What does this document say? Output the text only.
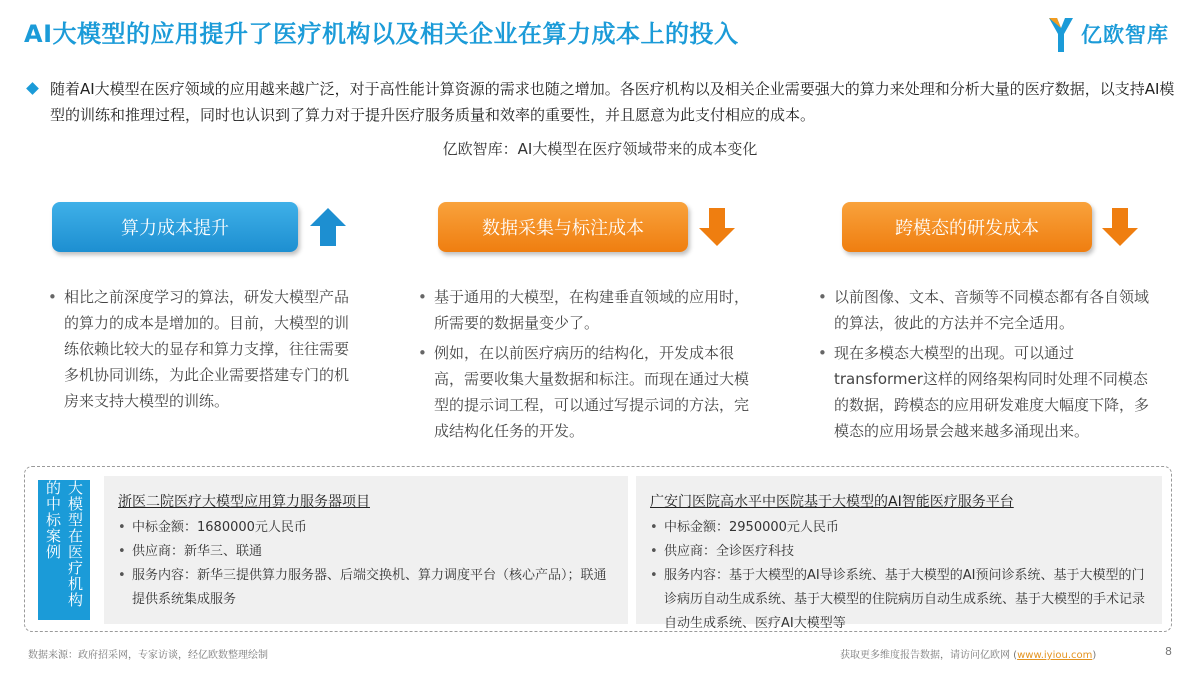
AI大模型的应用提升了医疗机构以及相关企业在算力成本上的投入	亿欧智库
随着AI大模型在医疗领域的应用越来越广泛，对于高性能计算资源的需求也随之增加。各医疗机构以及相关企业需要强大的算力来处理和分析大量的医疗数据，以支持AI模型的训练和推理过程，同时也认识到了算力对于提升医疗服务质量和效率的重要性，并且愿意为此支付相应的成本。
亿欧智库：AI大模型在医疗领域带来的成本变化
算力成本提升
• 相比之前深度学习的算法，研发大模型产品的算力的成本是增加的。目前，大模型的训练依赖比较大的显存和算力支撑，往往需要多机协同训练，为此企业需要搭建专门的机房来支持大模型的训练。
数据采集与标注成本
• 基于通用的大模型，在构建垂直领域的应用时，所需要的数据量变少了。
• 例如，在以前医疗病历的结构化，开发成本很高，需要收集大量数据和标注。而现在通过大模型的提示词工程，可以通过写提示词的方法，完成结构化任务的开发。
跨模态的研发成本
• 以前图像、文本、音频等不同模态都有各自领域的算法，彼此的方法并不完全适用。
• 现在多模态大模型的出现。可以通过transformer这样的网络架构同时处理不同模态的数据，跨模态的应用研发难度大幅度下降，多模态的应用场景会越来越多涌现出来。
大模型在医疗机构的中标案例	浙医二院医疗大模型应用算力服务器项目
• 中标金额：1680000元人民币
• 供应商：新华三、联通
• 服务内容：新华三提供算力服务器、后端交换机、算力调度平台（核心产品）；联通提供系统集成服务
广安门医院高水平中医院基于大模型的AI智能医疗服务平台
• 中标金额：2950000元人民币
• 供应商：全诊医疗科技
• 服务内容：基于大模型的AI导诊系统、基于大模型的AI预问诊系统、基于大模型的门诊病历自动生成系统、基于大模型的住院病历自动生成系统、基于大模型的手术记录自动生成系统、医疗AI大模型等
数据来源：政府招采网，专家访谈，经亿欧数整理绘制	获取更多维度报告数据，请访问亿欧网 (www.iyiou.com)	8
